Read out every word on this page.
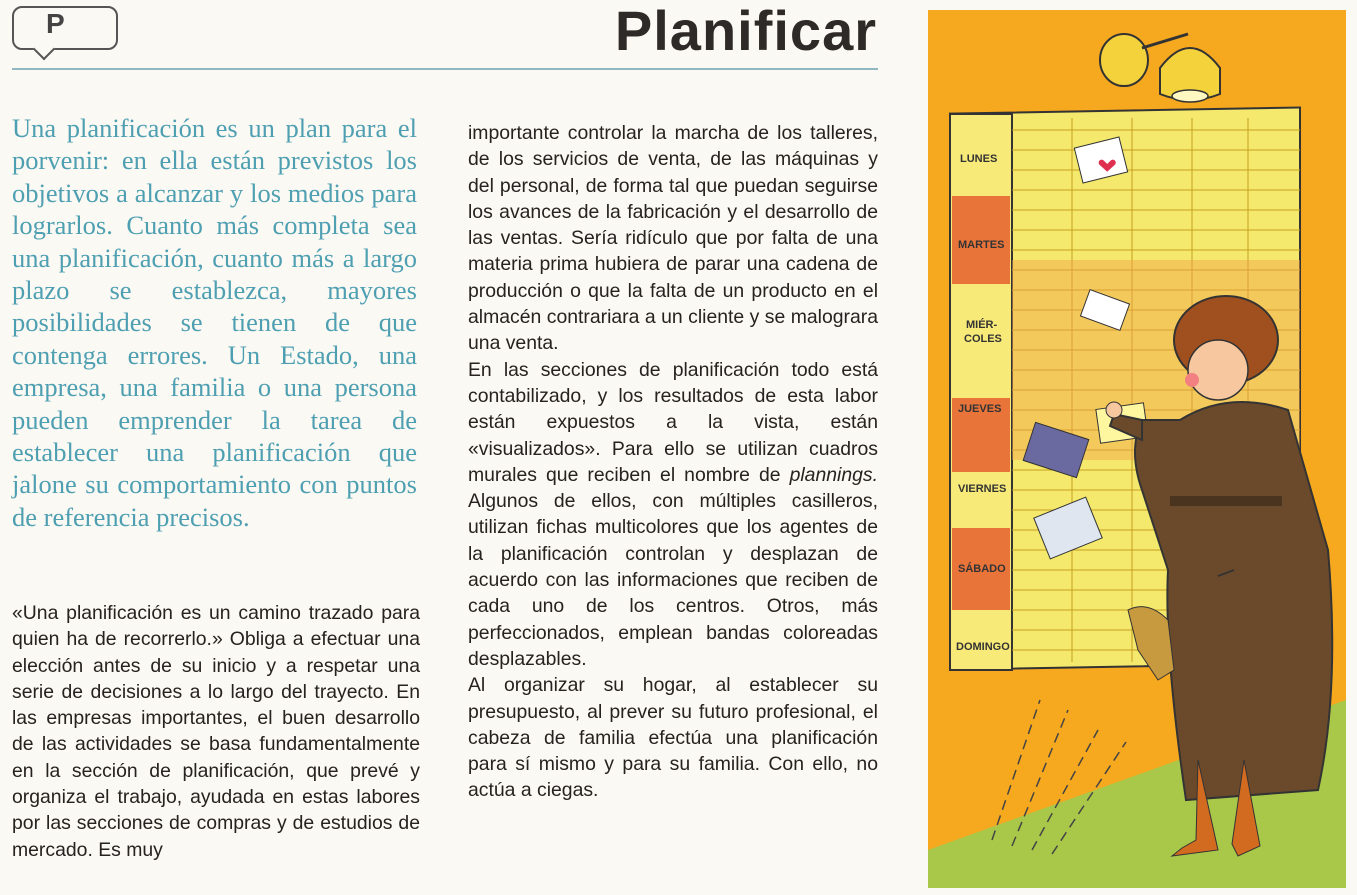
P	Planificar

Una planificación es un plan para el porvenir: en ella están previstos los objetivos a alcanzar y los medios para lograrlos. Cuanto más completa sea una planificación, cuanto más a largo plazo se establezca, mayores posibilidades se tienen de que contenga errores. Un Estado, una empresa, una familia o una persona pueden emprender la tarea de establecer una planificación que jalone su comportamiento con puntos de referencia precisos.

«Una planificación es un camino trazado para quien ha de recorrerlo.» Obliga a efectuar una elección antes de su inicio y a respetar una serie de decisiones a lo largo del trayecto. En las empresas importantes, el buen desarrollo de las actividades se basa fundamentalmente en la sección de planificación, que prevé y organiza el trabajo, ayudada en estas labores por las secciones de compras y de estudios de mercado. Es muy

importante controlar la marcha de los talleres, de los servicios de venta, de las máquinas y del personal, de forma tal que puedan seguirse los avances de la fabricación y el desarrollo de las ventas. Sería ridículo que por falta de una materia prima hubiera de parar una cadena de producción o que la falta de un producto en el almacén contrariara a un cliente y se malograra una venta.

En las secciones de planificación todo está contabilizado, y los resultados de esta labor están expuestos a la vista, están «visualizados». Para ello se utilizan cuadros murales que reciben el nombre de plannings. Algunos de ellos, con múltiples casilleros, utilizan fichas multicolores que los agentes de la planificación controlan y desplazan de acuerdo con las informaciones que reciben de cada uno de los centros. Otros, más perfeccionados, emplean bandas coloreadas desplazables.

Al organizar su hogar, al establecer su presupuesto, al prever su futuro profesional, el cabeza de familia efectúa una planificación para sí mismo y para su familia. Con ello, no actúa a ciegas.

LUNES
MARTES
MIÉR-
COLES
JUEVES
VIERNES
SÁBADO
DOMINGO
